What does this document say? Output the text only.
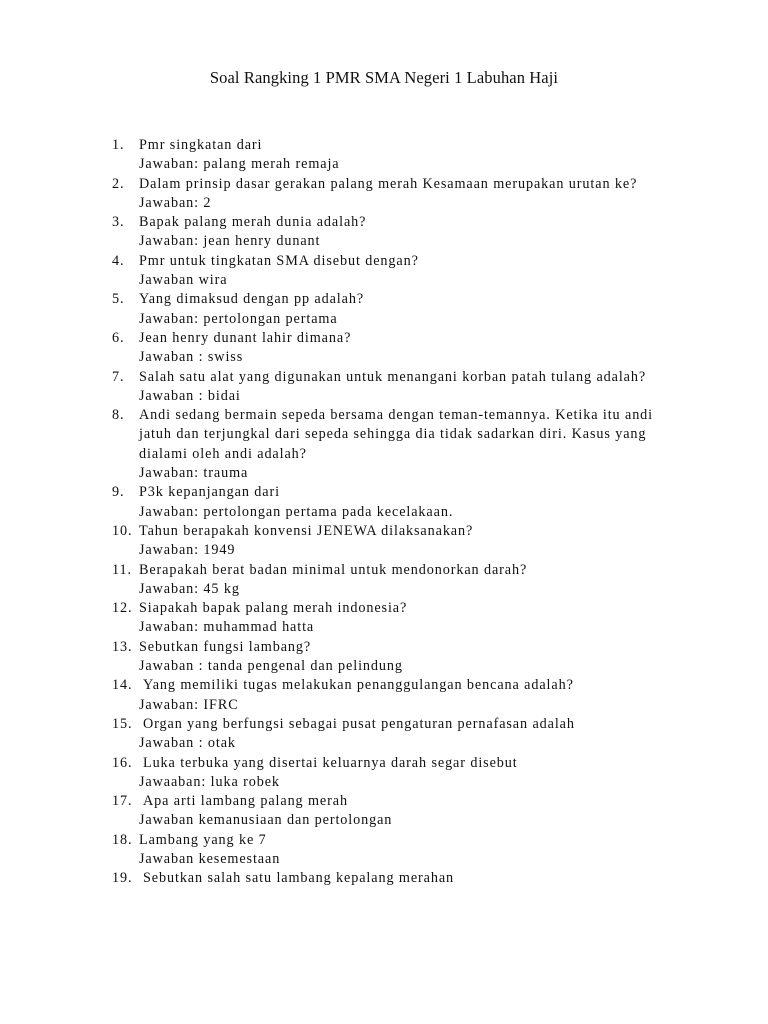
Soal Rangking 1 PMR SMA Negeri 1 Labuhan Haji
1.	Pmr singkatan dari
Jawaban: palang merah remaja
2.	Dalam prinsip dasar gerakan palang merah Kesamaan merupakan urutan ke?
Jawaban: 2
3.	Bapak palang merah dunia adalah?
Jawaban: jean henry dunant
4.	Pmr untuk tingkatan SMA disebut dengan?
Jawaban wira
5.	Yang dimaksud dengan pp adalah?
Jawaban: pertolongan pertama
6.	Jean henry dunant lahir dimana?
Jawaban : swiss
7.	Salah satu alat yang digunakan untuk menangani korban patah tulang adalah?
Jawaban : bidai
8.	Andi sedang bermain sepeda bersama dengan teman-temannya. Ketika itu andi jatuh dan terjungkal dari sepeda sehingga dia tidak sadarkan diri. Kasus yang dialami oleh andi adalah?
Jawaban: trauma
9.	P3k kepanjangan dari
Jawaban: pertolongan pertama pada kecelakaan.
10. Tahun berapakah konvensi JENEWA dilaksanakan?
Jawaban: 1949
11. Berapakah berat badan minimal untuk mendonorkan darah?
Jawaban: 45 kg
12. Siapakah bapak palang merah indonesia?
Jawaban: muhammad hatta
13. Sebutkan fungsi lambang?
Jawaban : tanda pengenal dan pelindung
14. Yang memiliki tugas melakukan penanggulangan bencana adalah?
Jawaban: IFRC
15. Organ yang berfungsi sebagai pusat pengaturan pernafasan adalah
Jawaban : otak
16. Luka terbuka yang disertai keluarnya darah segar disebut
Jawaaban: luka robek
17. Apa arti lambang palang merah
Jawaban kemanusiaan dan pertolongan
18. Lambang yang ke 7
Jawaban kesemestaan
19. Sebutkan salah satu lambang kepalang merahan
